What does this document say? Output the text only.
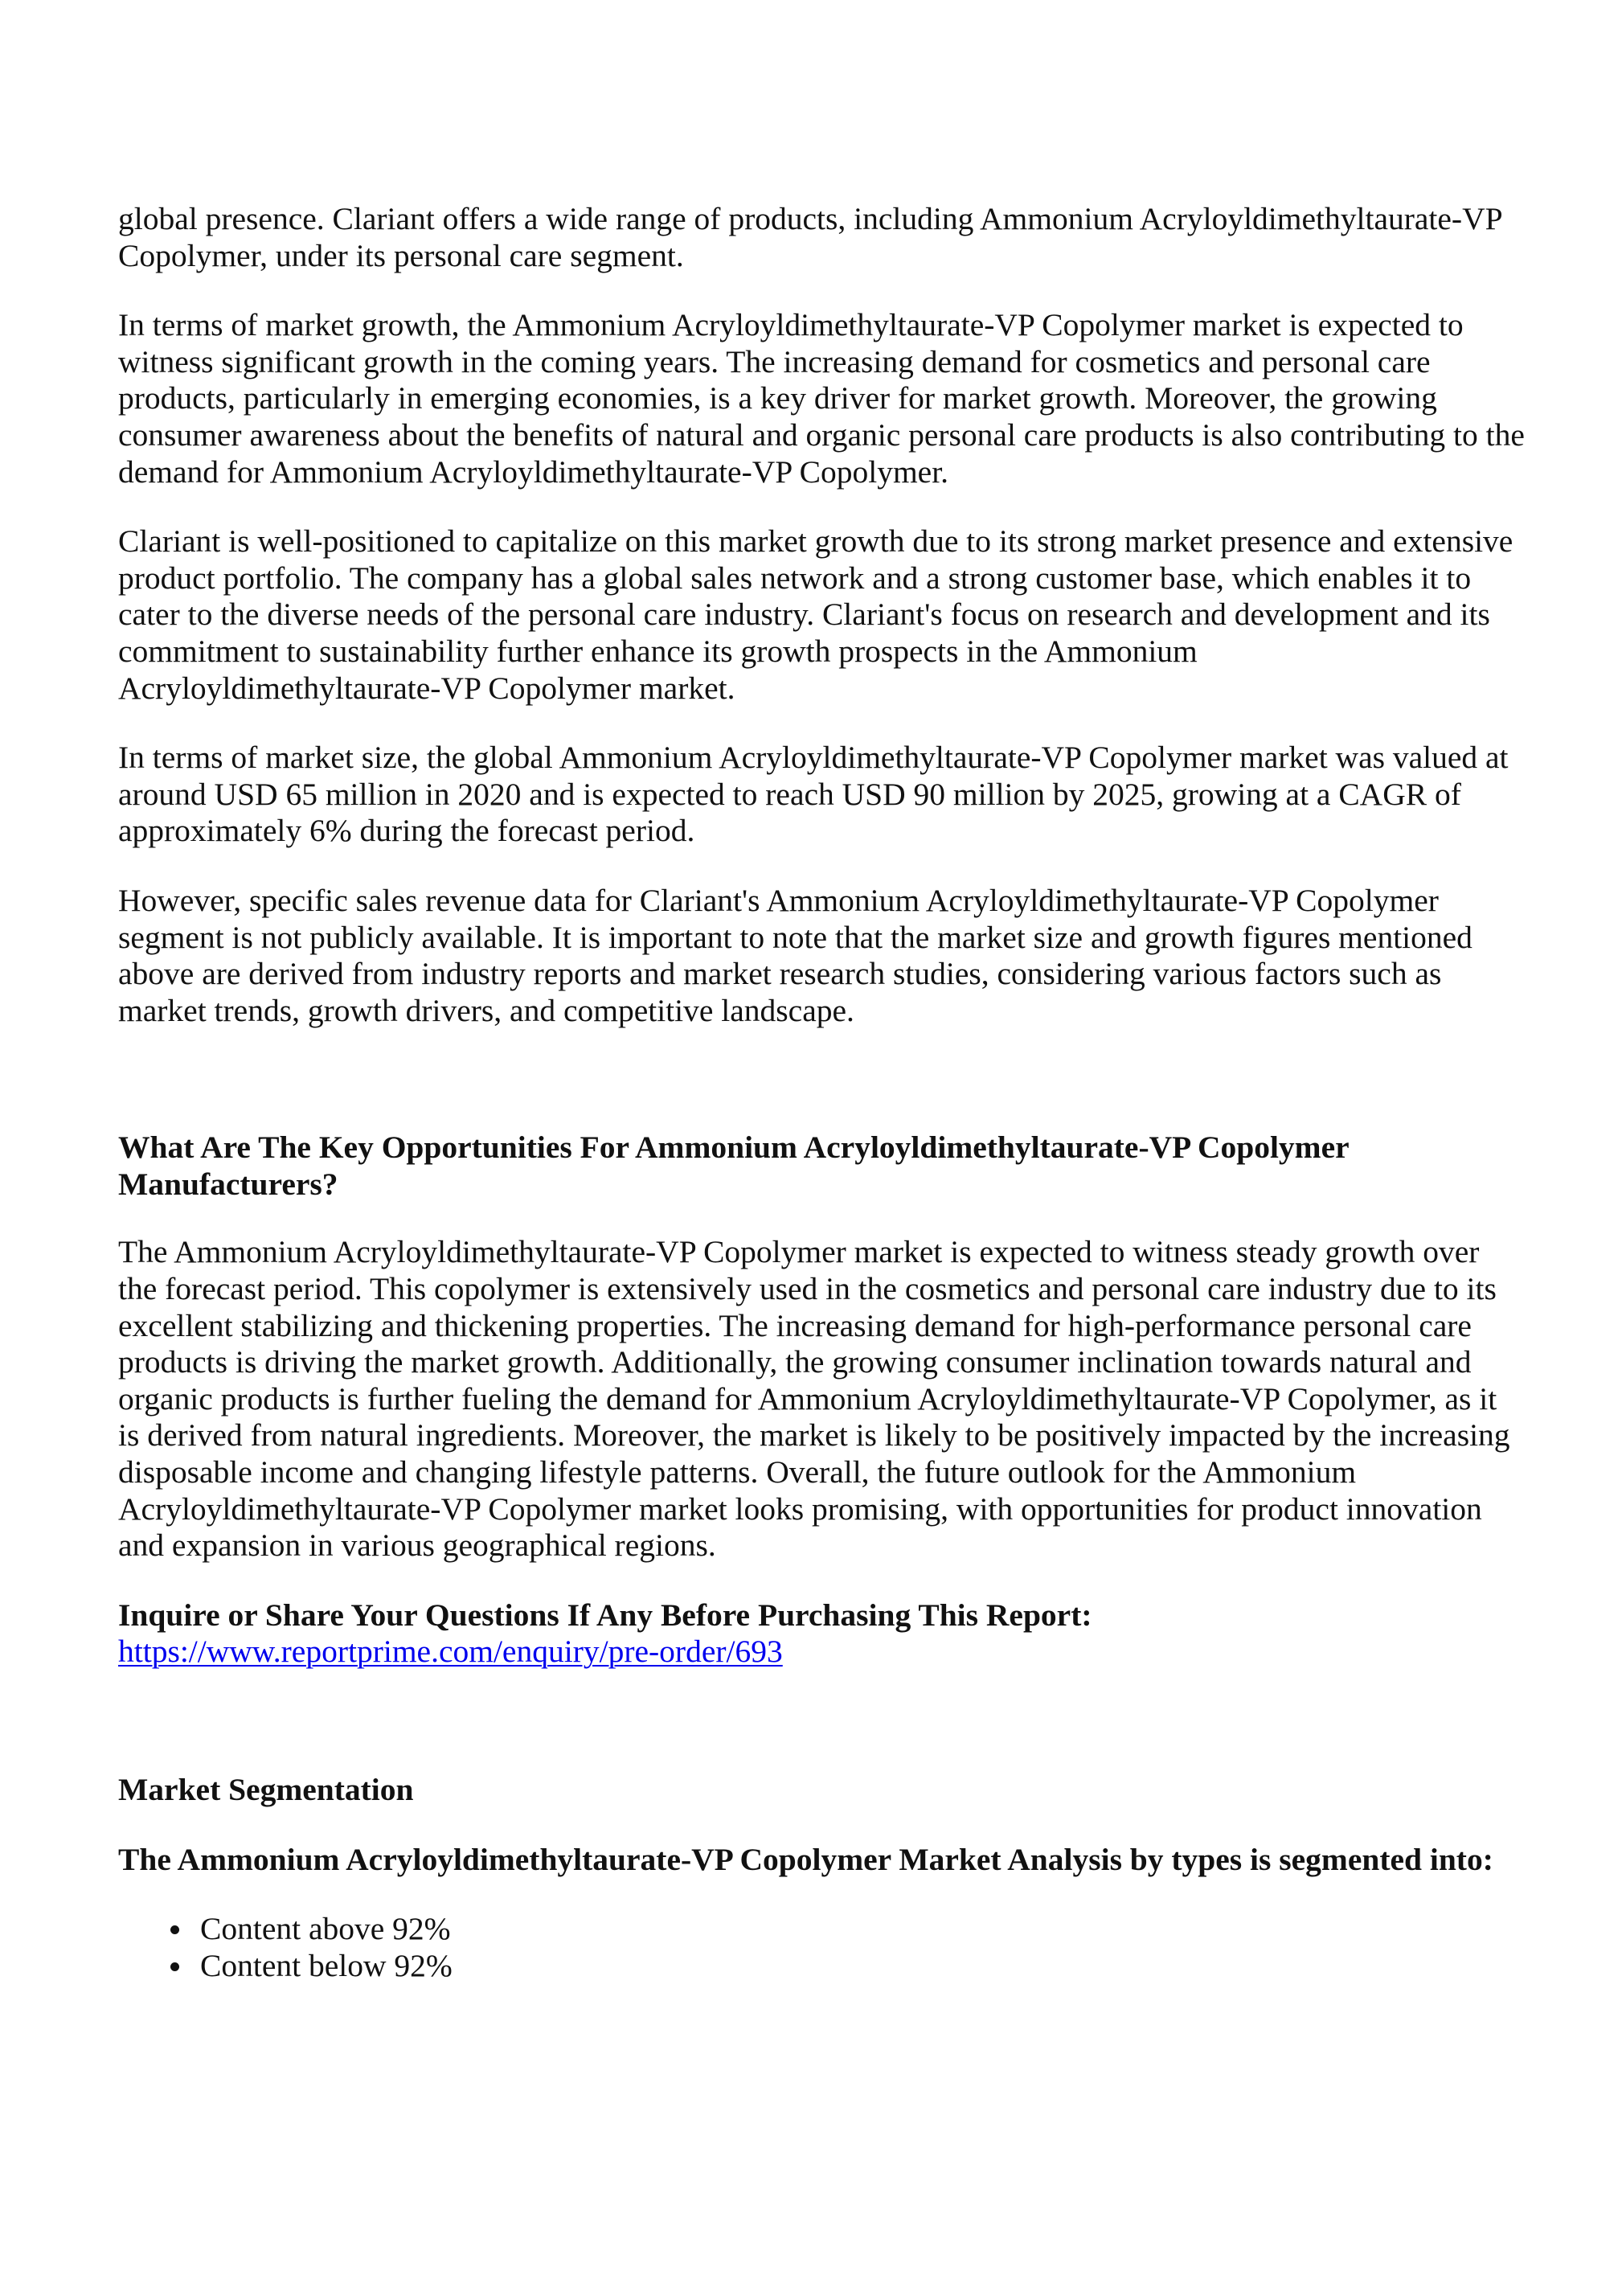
global presence. Clariant offers a wide range of products, including Ammonium Acryloyldimethyltaurate-VP Copolymer, under its personal care segment.

In terms of market growth, the Ammonium Acryloyldimethyltaurate-VP Copolymer market is expected to witness significant growth in the coming years. The increasing demand for cosmetics and personal care products, particularly in emerging economies, is a key driver for market growth. Moreover, the growing consumer awareness about the benefits of natural and organic personal care products is also contributing to the demand for Ammonium Acryloyldimethyltaurate-VP Copolymer.

Clariant is well-positioned to capitalize on this market growth due to its strong market presence and extensive product portfolio. The company has a global sales network and a strong customer base, which enables it to cater to the diverse needs of the personal care industry. Clariant's focus on research and development and its commitment to sustainability further enhance its growth prospects in the Ammonium Acryloyldimethyltaurate-VP Copolymer market.

In terms of market size, the global Ammonium Acryloyldimethyltaurate-VP Copolymer market was valued at around USD 65 million in 2020 and is expected to reach USD 90 million by 2025, growing at a CAGR of approximately 6% during the forecast period.

However, specific sales revenue data for Clariant's Ammonium Acryloyldimethyltaurate-VP Copolymer segment is not publicly available. It is important to note that the market size and growth figures mentioned above are derived from industry reports and market research studies, considering various factors such as market trends, growth drivers, and competitive landscape.

What Are The Key Opportunities For Ammonium Acryloyldimethyltaurate-VP Copolymer Manufacturers?

The Ammonium Acryloyldimethyltaurate-VP Copolymer market is expected to witness steady growth over the forecast period. This copolymer is extensively used in the cosmetics and personal care industry due to its excellent stabilizing and thickening properties. The increasing demand for high-performance personal care products is driving the market growth. Additionally, the growing consumer inclination towards natural and organic products is further fueling the demand for Ammonium Acryloyldimethyltaurate-VP Copolymer, as it is derived from natural ingredients. Moreover, the market is likely to be positively impacted by the increasing disposable income and changing lifestyle patterns. Overall, the future outlook for the Ammonium Acryloyldimethyltaurate-VP Copolymer market looks promising, with opportunities for product innovation and expansion in various geographical regions.

Inquire or Share Your Questions If Any Before Purchasing This Report:
https://www.reportprime.com/enquiry/pre-order/693
Market Segmentation
The Ammonium Acryloyldimethyltaurate-VP Copolymer Market Analysis by types is segmented into:
Content above 92%
Content below 92%
